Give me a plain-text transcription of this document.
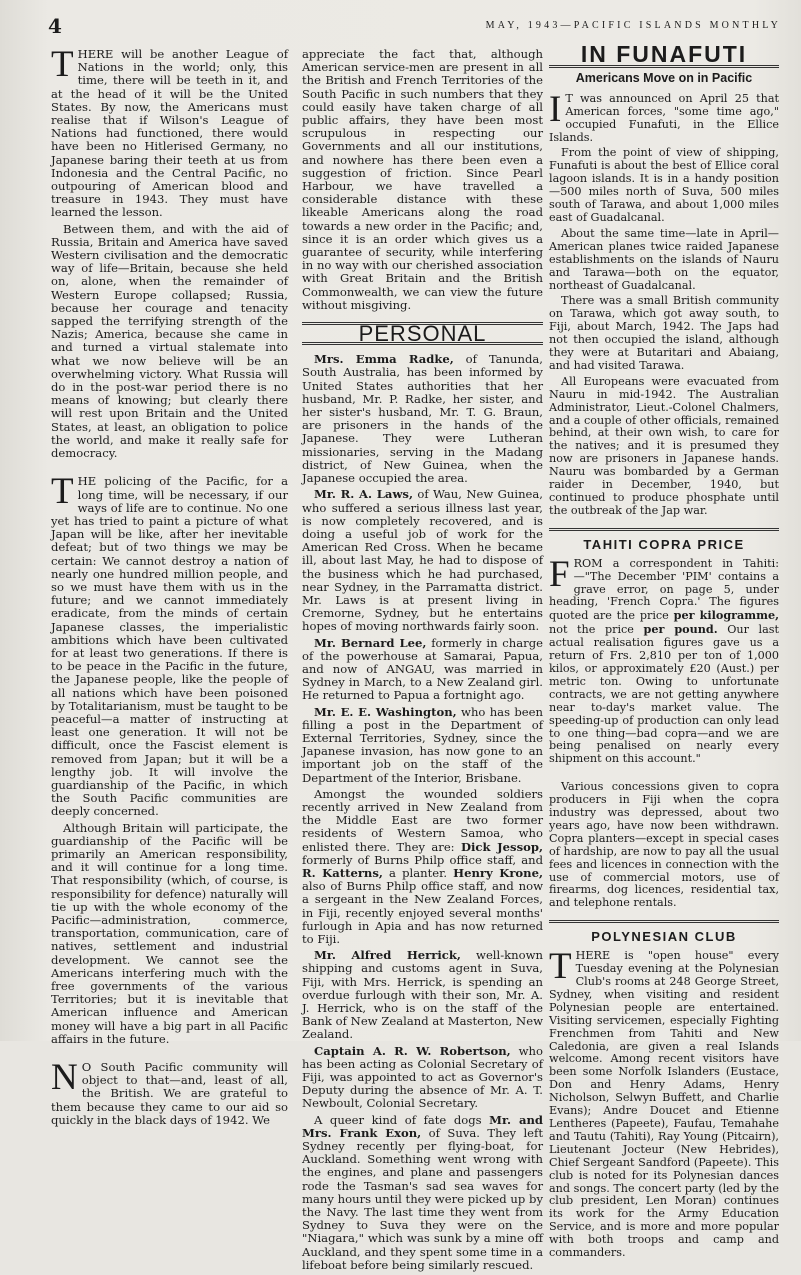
4	MAY, 1943—PACIFIC ISLANDS MONTHLY

THERE will be another League of Nations in the world; only, this time, there will be teeth in it, and at the head of it will be the United States. By now, the Americans must realise that if Wilson's League of Nations had functioned, there would have been no Hitlerised Germany, no Japanese baring their teeth at us from Indonesia and the Central Pacific, no outpouring of American blood and treasure in 1943. They must have learned the lesson.

Between them, and with the aid of Russia, Britain and America have saved Western civilisation and the democratic way of life—Britain, because she held on, alone, when the remainder of Western Europe collapsed; Russia, because her courage and tenacity sapped the terrifying strength of the Nazis; America, because she came in and turned a virtual stalemate into what we now believe will be an overwhelming victory. What Russia will do in the post-war period there is no means of knowing; but clearly there will rest upon Britain and the United States, at least, an obligation to police the world, and make it really safe for democracy.

THE policing of the Pacific, for a long time, will be necessary, if our ways of life are to continue. No one yet has tried to paint a picture of what Japan will be like, after her inevitable defeat; but of two things we may be certain: We cannot destroy a nation of nearly one hundred million people, and so we must have them with us in the future; and we cannot immediately eradicate, from the minds of certain Japanese classes, the imperialistic ambitions which have been cultivated for at least two generations. If there is to be peace in the Pacific in the future, the Japanese people, like the people of all nations which have been poisoned by Totalitarianism, must be taught to be peaceful—a matter of instructing at least one generation. It will not be difficult, once the Fascist element is removed from Japan; but it will be a lengthy job. It will involve the guardianship of the Pacific, in which the South Pacific communities are deeply concerned.

Although Britain will participate, the guardianship of the Pacific will be primarily an American responsibility, and it will continue for a long time. That responsibility (which, of course, is responsibility for defence) naturally will tie up with the whole economy of the Pacific—administration, commerce, transportation, communication, care of natives, settlement and industrial development. We cannot see the Americans interfering much with the free governments of the various Territories; but it is inevitable that American influence and American money will have a big part in all Pacific affairs in the future.

N O South Pacific community will object to that—and, least of all, the British. We are grateful to them because they came to our aid so quickly in the black days of 1942. We

appreciate the fact that, although American service-men are present in all the British and French Territories of the South Pacific in such numbers that they could easily have taken charge of all public affairs, they have been most scrupulous in respecting our Governments and all our institutions, and nowhere has there been even a suggestion of friction. Since Pearl Harbour, we have travelled a considerable distance with these likeable Americans along the road towards a new order in the Pacific; and, since it is an order which gives us a guarantee of security, while interfering in no way with our cherished association with Great Britain and the British Commonwealth, we can view the future without misgiving.

PERSONAL

Mrs. Emma Radke, of Tanunda, South Australia, has been informed by United States authorities that her husband, Mr. P. Radke, her sister, and her sister's husband, Mr. T. G. Braun, are prisoners in the hands of the Japanese. They were Lutheran missionaries, serving in the Madang district, of New Guinea, when the Japanese occupied the area.

Mr. R. A. Laws, of Wau, New Guinea, who suffered a serious illness last year, is now completely recovered, and is doing a useful job of work for the American Red Cross. When he became ill, about last May, he had to dispose of the business which he had purchased, near Sydney, in the Parramatta district. Mr. Laws is at present living in Cremorne, Sydney, but he entertains hopes of moving northwards fairly soon.

Mr. Bernard Lee, formerly in charge of the powerhouse at Samarai, Papua, and now of ANGAU, was married in Sydney in March, to a New Zealand girl. He returned to Papua a fortnight ago.

Mr. E. E. Washington, who has been filling a post in the Department of External Territories, Sydney, since the Japanese invasion, has now gone to an important job on the staff of the Department of the Interior, Brisbane.

Amongst the wounded soldiers recently arrived in New Zealand from the Middle East are two former residents of Western Samoa, who enlisted there. They are: Dick Jessop, formerly of Burns Philp office staff, and R. Katterns, a planter. Henry Krone, also of Burns Philp office staff, and now a sergeant in the New Zealand Forces, in Fiji, recently enjoyed several months' furlough in Apia and has now returned to Fiji.

Mr. Alfred Herrick, well-known shipping and customs agent in Suva, Fiji, with Mrs. Herrick, is spending an overdue furlough with their son, Mr. A. J. Herrick, who is on the staff of the Bank of New Zealand at Masterton, New Zealand.

Captain A. R. W. Robertson, who has been acting as Colonial Secretary of Fiji, was appointed to act as Governor's Deputy during the absence of Mr. A. T. Newboult, Colonial Secretary.

A queer kind of fate dogs Mr. and Mrs. Frank Exon, of Suva. They left Sydney recently per flying-boat, for Auckland. Something went wrong with the engines, and plane and passengers rode the Tasman's sad sea waves for many hours until they were picked up by the Navy. The last time they went from Sydney to Suva they were on the "Niagara," which was sunk by a mine off Auckland, and they spent some time in a lifeboat before being similarly rescued.

IN FUNAFUTI
Americans Move on in Pacific

I T was announced on April 25 that American forces, "some time ago," occupied Funafuti, in the Ellice Islands.

From the point of view of shipping, Funafuti is about the best of Ellice coral lagoon islands. It is in a handy position—500 miles north of Suva, 500 miles south of Tarawa, and about 1,000 miles east of Guadalcanal.

About the same time—late in April—American planes twice raided Japanese establishments on the islands of Nauru and Tarawa—both on the equator, northeast of Guadalcanal.

There was a small British community on Tarawa, which got away south, to Fiji, about March, 1942. The Japs had not then occupied the island, although they were at Butaritari and Abaiang, and had visited Tarawa.

All Europeans were evacuated from Nauru in mid-1942. The Australian Administrator, Lieut.-Colonel Chalmers, and a couple of other officials, remained behind, at their own wish, to care for the natives; and it is presumed they now are prisoners in Japanese hands. Nauru was bombarded by a German raider in December, 1940, but continued to produce phosphate until the outbreak of the Jap war.

TAHITI COPRA PRICE

FROM a correspondent in Tahiti:—"The December 'PIM' contains a grave error, on page 5, under heading, 'French Copra.' The figures quoted are the price per kilogramme, not the price per pound. Our last actual realisation figures gave us a return of Frs. 2,810 per ton of 1,000 kilos, or approximately £20 (Aust.) per metric ton. Owing to unfortunate contracts, we are not getting anywhere near to-day's market value. The speeding-up of production can only lead to one thing—bad copra—and we are being penalised on nearly every shipment on this account."

Various concessions given to copra producers in Fiji when the copra industry was depressed, about two years ago, have now been withdrawn. Copra planters—except in special cases of hardship, are now to pay all the usual fees and licences in connection with the use of commercial motors, use of firearms, dog licences, residential tax, and telephone rentals.

POLYNESIAN CLUB

THERE is "open house" every Tuesday evening at the Polynesian Club's rooms at 248 George Street, Sydney, when visiting and resident Polynesian people are entertained. Visiting servicemen, especially Fighting Frenchmen from Tahiti and New Caledonia, are given a real Islands welcome. Among recent visitors have been some Norfolk Islanders (Eustace, Don and Henry Adams, Henry Nicholson, Selwyn Buffett, and Charlie Evans); Andre Doucet and Etienne Lentheres (Papeete), Faufau, Temahahe and Tautu (Tahiti), Ray Young (Pitcairn), Lieutenant Jocteur (New Hebrides), Chief Sergeant Sandford (Papeete). This club is noted for its Polynesian dances and songs. The concert party (led by the club president, Len Moran) continues its work for the Army Education Service, and is more and more popular with both troops and camp and commanders.
